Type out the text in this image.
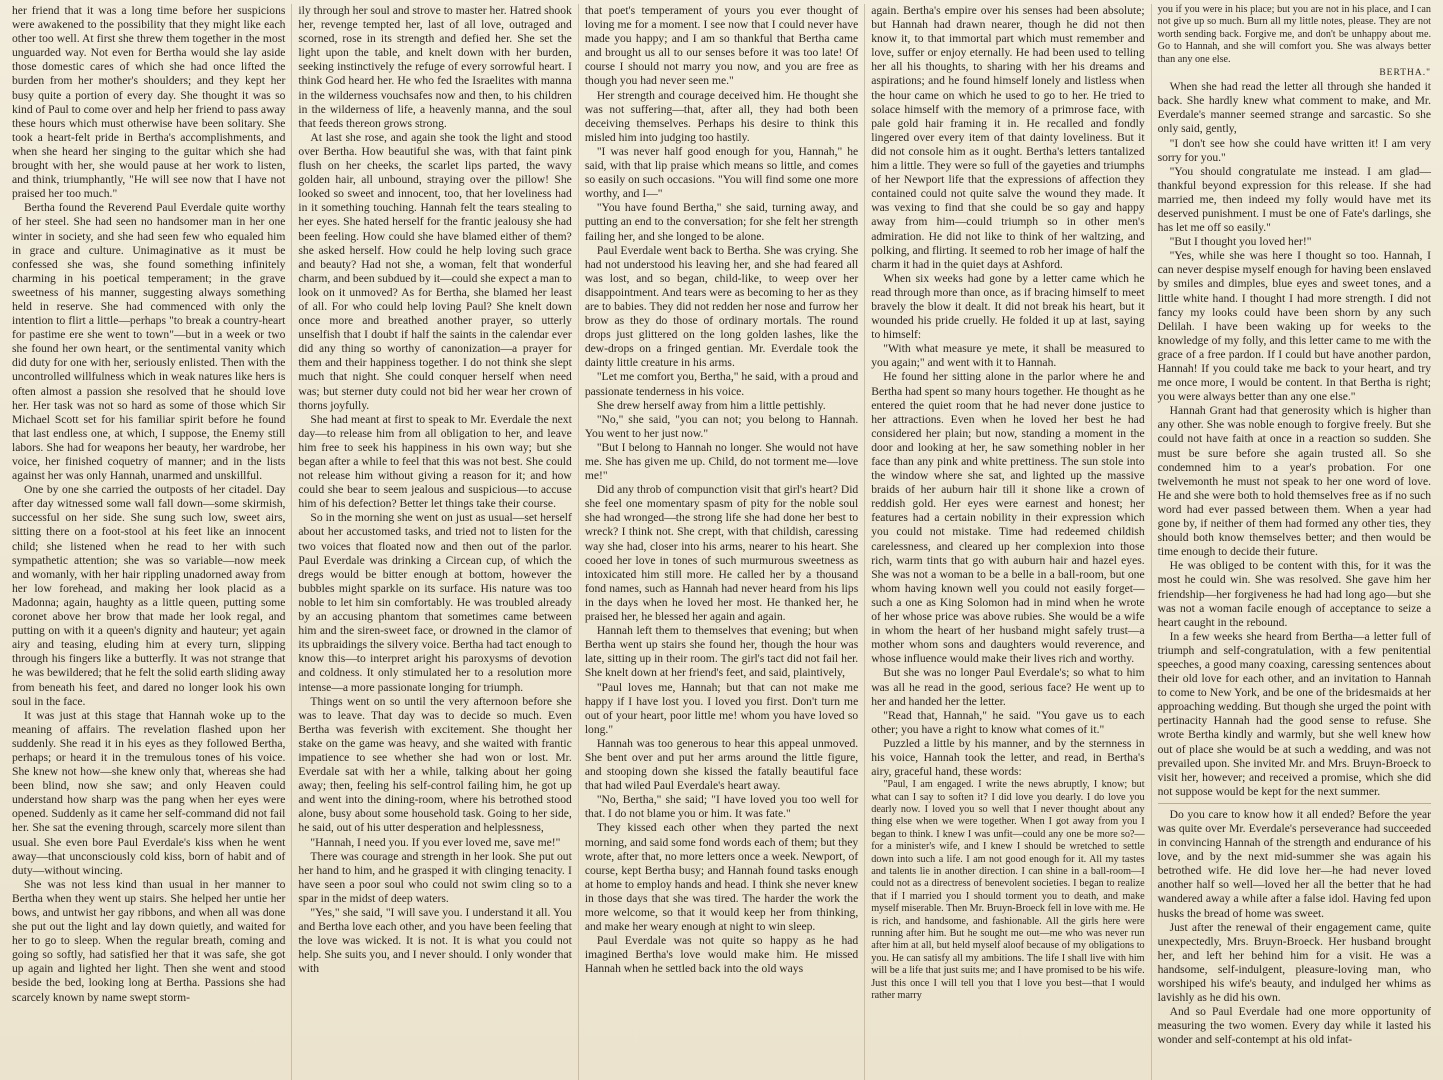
her friend that it was a long time before her suspicions were awakened to the possibility that they might like each other too well. At first she threw them together in the most unguarded way. Not even for Bertha would she lay aside those domestic cares of which she had once lifted the burden from her mother's shoulders; and they kept her busy quite a portion of every day. She thought it was so kind of Paul to come over and help her friend to pass away these hours which must otherwise have been solitary. She took a heart-felt pride in Bertha's accomplishments, and when she heard her singing to the guitar which she had brought with her, she would pause at her work to listen, and think, triumphantly, "He will see now that I have not praised her too much."

Bertha found the Reverend Paul Everdale quite worthy of her steel. She had seen no handsomer man in her one winter in society, and she had seen few who equaled him in grace and culture. Unimaginative as it must be confessed she was, she found something infinitely charming in his poetical temperament; in the grave sweetness of his manner, suggesting always something held in reserve. She had commenced with only the intention to flirt a little—perhaps "to break a country-heart for pastime ere she went to town"—but in a week or two she found her own heart, or the sentimental vanity which did duty for one with her, seriously enlisted. Then with the uncontrolled willfulness which in weak natures like hers is often almost a passion she resolved that he should love her. Her task was not so hard as some of those which Sir Michael Scott set for his familiar spirit before he found that last endless one, at which, I suppose, the Enemy still labors. She had for weapons her beauty, her wardrobe, her voice, her finished coquetry of manner; and in the lists against her was only Hannah, unarmed and unskillful.

One by one she carried the outposts of her citadel. Day after day witnessed some wall fall down—some skirmish, successful on her side. She sung such low, sweet airs, sitting there on a foot-stool at his feet like an innocent child; she listened when he read to her with such sympathetic attention; she was so variable—now meek and womanly, with her hair rippling unadorned away from her low forehead, and making her look placid as a Madonna; again, haughty as a little queen, putting some coronet above her brow that made her look regal, and putting on with it a queen's dignity and hauteur; yet again airy and teasing, eluding him at every turn, slipping through his fingers like a butterfly. It was not strange that he was bewildered; that he felt the solid earth sliding away from beneath his feet, and dared no longer look his own soul in the face.

It was just at this stage that Hannah woke up to the meaning of affairs. The revelation flashed upon her suddenly. She read it in his eyes as they followed Bertha, perhaps; or heard it in the tremulous tones of his voice. She knew not how—she knew only that, whereas she had been blind, now she saw; and only Heaven could understand how sharp was the pang when her eyes were opened. Suddenly as it came her self-command did not fail her. She sat the evening through, scarcely more silent than usual. She even bore Paul Everdale's kiss when he went away—that unconsciously cold kiss, born of habit and of duty—without wincing.

She was not less kind than usual in her manner to Bertha when they went up stairs. She helped her untie her bows, and untwist her gay ribbons, and when all was done she put out the light and lay down quietly, and waited for her to go to sleep. When the regular breath, coming and going so softly, had satisfied her that it was safe, she got up again and lighted her light. Then she went and stood beside the bed, looking long at Bertha. Passions she had scarcely known by name swept storm-

ily through her soul and strove to master her. Hatred shook her, revenge tempted her, last of all love, outraged and scorned, rose in its strength and defied her. She set the light upon the table, and knelt down with her burden, seeking instinctively the refuge of every sorrowful heart. I think God heard her. He who fed the Israelites with manna in the wilderness vouchsafes now and then, to his children in the wilderness of life, a heavenly manna, and the soul that feeds thereon grows strong.

At last she rose, and again she took the light and stood over Bertha. How beautiful she was, with that faint pink flush on her cheeks, the scarlet lips parted, the wavy golden hair, all unbound, straying over the pillow! She looked so sweet and innocent, too, that her loveliness had in it something touching. Hannah felt the tears stealing to her eyes. She hated herself for the frantic jealousy she had been feeling. How could she have blamed either of them? she asked herself. How could he help loving such grace and beauty? Had not she, a woman, felt that wonderful charm, and been subdued by it—could she expect a man to look on it unmoved? As for Bertha, she blamed her least of all. For who could help loving Paul? She knelt down once more and breathed another prayer, so utterly unselfish that I doubt if half the saints in the calendar ever did any thing so worthy of canonization—a prayer for them and their happiness together. I do not think she slept much that night. She could conquer herself when need was; but sterner duty could not bid her wear her crown of thorns joyfully.

She had meant at first to speak to Mr. Everdale the next day—to release him from all obligation to her, and leave him free to seek his happiness in his own way; but she began after a while to feel that this was not best. She could not release him without giving a reason for it; and how could she bear to seem jealous and suspicious—to accuse him of his defection? Better let things take their course.

So in the morning she went on just as usual—set herself about her accustomed tasks, and tried not to listen for the two voices that floated now and then out of the parlor. Paul Everdale was drinking a Circean cup, of which the dregs would be bitter enough at bottom, however the bubbles might sparkle on its surface. His nature was too noble to let him sin comfortably. He was troubled already by an accusing phantom that sometimes came between him and the siren-sweet face, or drowned in the clamor of its upbraidings the silvery voice. Bertha had tact enough to know this—to interpret aright his paroxysms of devotion and coldness. It only stimulated her to a resolution more intense—a more passionate longing for triumph.

Things went on so until the very afternoon before she was to leave. That day was to decide so much. Even Bertha was feverish with excitement. She thought her stake on the game was heavy, and she waited with frantic impatience to see whether she had won or lost. Mr. Everdale sat with her a while, talking about her going away; then, feeling his self-control failing him, he got up and went into the dining-room, where his betrothed stood alone, busy about some household task. Going to her side, he said, out of his utter desperation and helplessness,

"Hannah, I need you. If you ever loved me, save me!"

There was courage and strength in her look. She put out her hand to him, and he grasped it with clinging tenacity. I have seen a poor soul who could not swim cling so to a spar in the midst of deep waters.

"Yes," she said, "I will save you. I understand it all. You and Bertha love each other, and you have been feeling that the love was wicked. It is not. It is what you could not help. She suits you, and I never should. I only wonder that with

that poet's temperament of yours you ever thought of loving me for a moment. I see now that I could never have made you happy; and I am so thankful that Bertha came and brought us all to our senses before it was too late! Of course I should not marry you now, and you are free as though you had never seen me."

Her strength and courage deceived him. He thought she was not suffering—that, after all, they had both been deceiving themselves. Perhaps his desire to think this misled him into judging too hastily.

"I was never half good enough for you, Hannah," he said, with that lip praise which means so little, and comes so easily on such occasions. "You will find some one more worthy, and I—"

"You have found Bertha," she said, turning away, and putting an end to the conversation; for she felt her strength failing her, and she longed to be alone.

Paul Everdale went back to Bertha. She was crying. She had not understood his leaving her, and she had feared all was lost, and so began, child-like, to weep over her disappointment. And tears were as becoming to her as they are to babies. They did not redden her nose and furrow her brow as they do those of ordinary mortals. The round drops just glittered on the long golden lashes, like the dew-drops on a fringed gentian. Mr. Everdale took the dainty little creature in his arms.

"Let me comfort you, Bertha," he said, with a proud and passionate tenderness in his voice.

She drew herself away from him a little pettishly.

"No," she said, "you can not; you belong to Hannah. You went to her just now."

"But I belong to Hannah no longer. She would not have me. She has given me up. Child, do not torment me—love me!"

Did any throb of compunction visit that girl's heart? Did she feel one momentary spasm of pity for the noble soul she had wronged—the strong life she had done her best to wreck? I think not. She crept, with that childish, caressing way she had, closer into his arms, nearer to his heart. She cooed her love in tones of such murmurous sweetness as intoxicated him still more. He called her by a thousand fond names, such as Hannah had never heard from his lips in the days when he loved her most. He thanked her, he praised her, he blessed her again and again.

Hannah left them to themselves that evening; but when Bertha went up stairs she found her, though the hour was late, sitting up in their room. The girl's tact did not fail her. She knelt down at her friend's feet, and said, plaintively,

"Paul loves me, Hannah; but that can not make me happy if I have lost you. I loved you first. Don't turn me out of your heart, poor little me! whom you have loved so long."

Hannah was too generous to hear this appeal unmoved. She bent over and put her arms around the little figure, and stooping down she kissed the fatally beautiful face that had wiled Paul Everdale's heart away.

"No, Bertha," she said; "I have loved you too well for that. I do not blame you or him. It was fate."

They kissed each other when they parted the next morning, and said some fond words each of them; but they wrote, after that, no more letters once a week. Newport, of course, kept Bertha busy; and Hannah found tasks enough at home to employ hands and head. I think she never knew in those days that she was tired. The harder the work the more welcome, so that it would keep her from thinking, and make her weary enough at night to win sleep.

Paul Everdale was not quite so happy as he had imagined Bertha's love would make him. He missed Hannah when he settled back into the old ways

again. Bertha's empire over his senses had been absolute; but Hannah had drawn nearer, though he did not then know it, to that immortal part which must remember and love, suffer or enjoy eternally. He had been used to telling her all his thoughts, to sharing with her his dreams and aspirations; and he found himself lonely and listless when the hour came on which he used to go to her. He tried to solace himself with the memory of a primrose face, with pale gold hair framing it in. He recalled and fondly lingered over every item of that dainty loveliness. But it did not console him as it ought. Bertha's letters tantalized him a little. They were so full of the gayeties and triumphs of her Newport life that the expressions of affection they contained could not quite salve the wound they made. It was vexing to find that she could be so gay and happy away from him—could triumph so in other men's admiration. He did not like to think of her waltzing, and polking, and flirting. It seemed to rob her image of half the charm it had in the quiet days at Ashford.

When six weeks had gone by a letter came which he read through more than once, as if bracing himself to meet bravely the blow it dealt. It did not break his heart, but it wounded his pride cruelly. He folded it up at last, saying to himself:

"With what measure ye mete, it shall be measured to you again;" and went with it to Hannah.

He found her sitting alone in the parlor where he and Bertha had spent so many hours together. He thought as he entered the quiet room that he had never done justice to her attractions. Even when he loved her best he had considered her plain; but now, standing a moment in the door and looking at her, he saw something nobler in her face than any pink and white prettiness. The sun stole into the window where she sat, and lighted up the massive braids of her auburn hair till it shone like a crown of reddish gold. Her eyes were earnest and honest; her features had a certain nobility in their expression which you could not mistake. Time had redeemed childish carelessness, and cleared up her complexion into those rich, warm tints that go with auburn hair and hazel eyes. She was not a woman to be a belle in a ball-room, but one whom having known well you could not easily forget—such a one as King Solomon had in mind when he wrote of her whose price was above rubies. She would be a wife in whom the heart of her husband might safely trust—a mother whom sons and daughters would reverence, and whose influence would make their lives rich and worthy.

But she was no longer Paul Everdale's; so what to him was all he read in the good, serious face? He went up to her and handed her the letter.

"Read that, Hannah," he said. "You gave us to each other; you have a right to know what comes of it."

Puzzled a little by his manner, and by the sternness in his voice, Hannah took the letter, and read, in Bertha's airy, graceful hand, these words:

"Paul, I am engaged. I write the news abruptly, I know; but what can I say to soften it? I did love you dearly. I do love you dearly now. I loved you so well that I never thought about any thing else when we were together. When I got away from you I began to think. I knew I was unfit—could any one be more so?—for a minister's wife, and I knew I should be wretched to settle down into such a life. I am not good enough for it. All my tastes and talents lie in another direction. I can shine in a ball-room—I could not as a directress of benevolent societies. I began to realize that if I married you I should torment you to death, and make myself miserable. Then Mr. Bruyn-Broeck fell in love with me. He is rich, and handsome, and fashionable. All the girls here were running after him. But he sought me out—me who was never run after him at all, but held myself aloof because of my obligations to you. He can satisfy all my ambitions. The life I shall live with him will be a life that just suits me; and I have promised to be his wife. Just this once I will tell you that I love you best—that I would rather marry

you if you were in his place; but you are not in his place, and I can not give up so much. Burn all my little notes, please. They are not worth sending back. Forgive me, and don't be unhappy about me. Go to Hannah, and she will comfort you. She was always better than any one else.

BERTHA."

When she had read the letter all through she handed it back. She hardly knew what comment to make, and Mr. Everdale's manner seemed strange and sarcastic. So she only said, gently,

"I don't see how she could have written it! I am very sorry for you."

"You should congratulate me instead. I am glad—thankful beyond expression for this release. If she had married me, then indeed my folly would have met its deserved punishment. I must be one of Fate's darlings, she has let me off so easily."

"But I thought you loved her!"

"Yes, while she was here I thought so too. Hannah, I can never despise myself enough for having been enslaved by smiles and dimples, blue eyes and sweet tones, and a little white hand. I thought I had more strength. I did not fancy my looks could have been shorn by any such Delilah. I have been waking up for weeks to the knowledge of my folly, and this letter came to me with the grace of a free pardon. If I could but have another pardon, Hannah! If you could take me back to your heart, and try me once more, I would be content. In that Bertha is right; you were always better than any one else."

Hannah Grant had that generosity which is higher than any other. She was noble enough to forgive freely. But she could not have faith at once in a reaction so sudden. She must be sure before she again trusted all. So she condemned him to a year's probation. For one twelvemonth he must not speak to her one word of love. He and she were both to hold themselves free as if no such word had ever passed between them. When a year had gone by, if neither of them had formed any other ties, they should both know themselves better; and then would be time enough to decide their future.

He was obliged to be content with this, for it was the most he could win. She was resolved. She gave him her friendship—her forgiveness he had had long ago—but she was not a woman facile enough of acceptance to seize a heart caught in the rebound.

In a few weeks she heard from Bertha—a letter full of triumph and self-congratulation, with a few penitential speeches, a good many coaxing, caressing sentences about their old love for each other, and an invitation to Hannah to come to New York, and be one of the bridesmaids at her approaching wedding. But though she urged the point with pertinacity Hannah had the good sense to refuse. She wrote Bertha kindly and warmly, but she well knew how out of place she would be at such a wedding, and was not prevailed upon. She invited Mr. and Mrs. Bruyn-Broeck to visit her, however; and received a promise, which she did not suppose would be kept for the next summer.

Do you care to know how it all ended? Before the year was quite over Mr. Everdale's perseverance had succeeded in convincing Hannah of the strength and endurance of his love, and by the next mid-summer she was again his betrothed wife. He did love her—he had never loved another half so well—loved her all the better that he had wandered away a while after a false idol. Having fed upon husks the bread of home was sweet.

Just after the renewal of their engagement came, quite unexpectedly, Mrs. Bruyn-Broeck. Her husband brought her, and left her behind him for a visit. He was a handsome, self-indulgent, pleasure-loving man, who worshiped his wife's beauty, and indulged her whims as lavishly as he did his own.

And so Paul Everdale had one more opportunity of measuring the two women. Every day while it lasted his wonder and self-contempt at his old infat-
